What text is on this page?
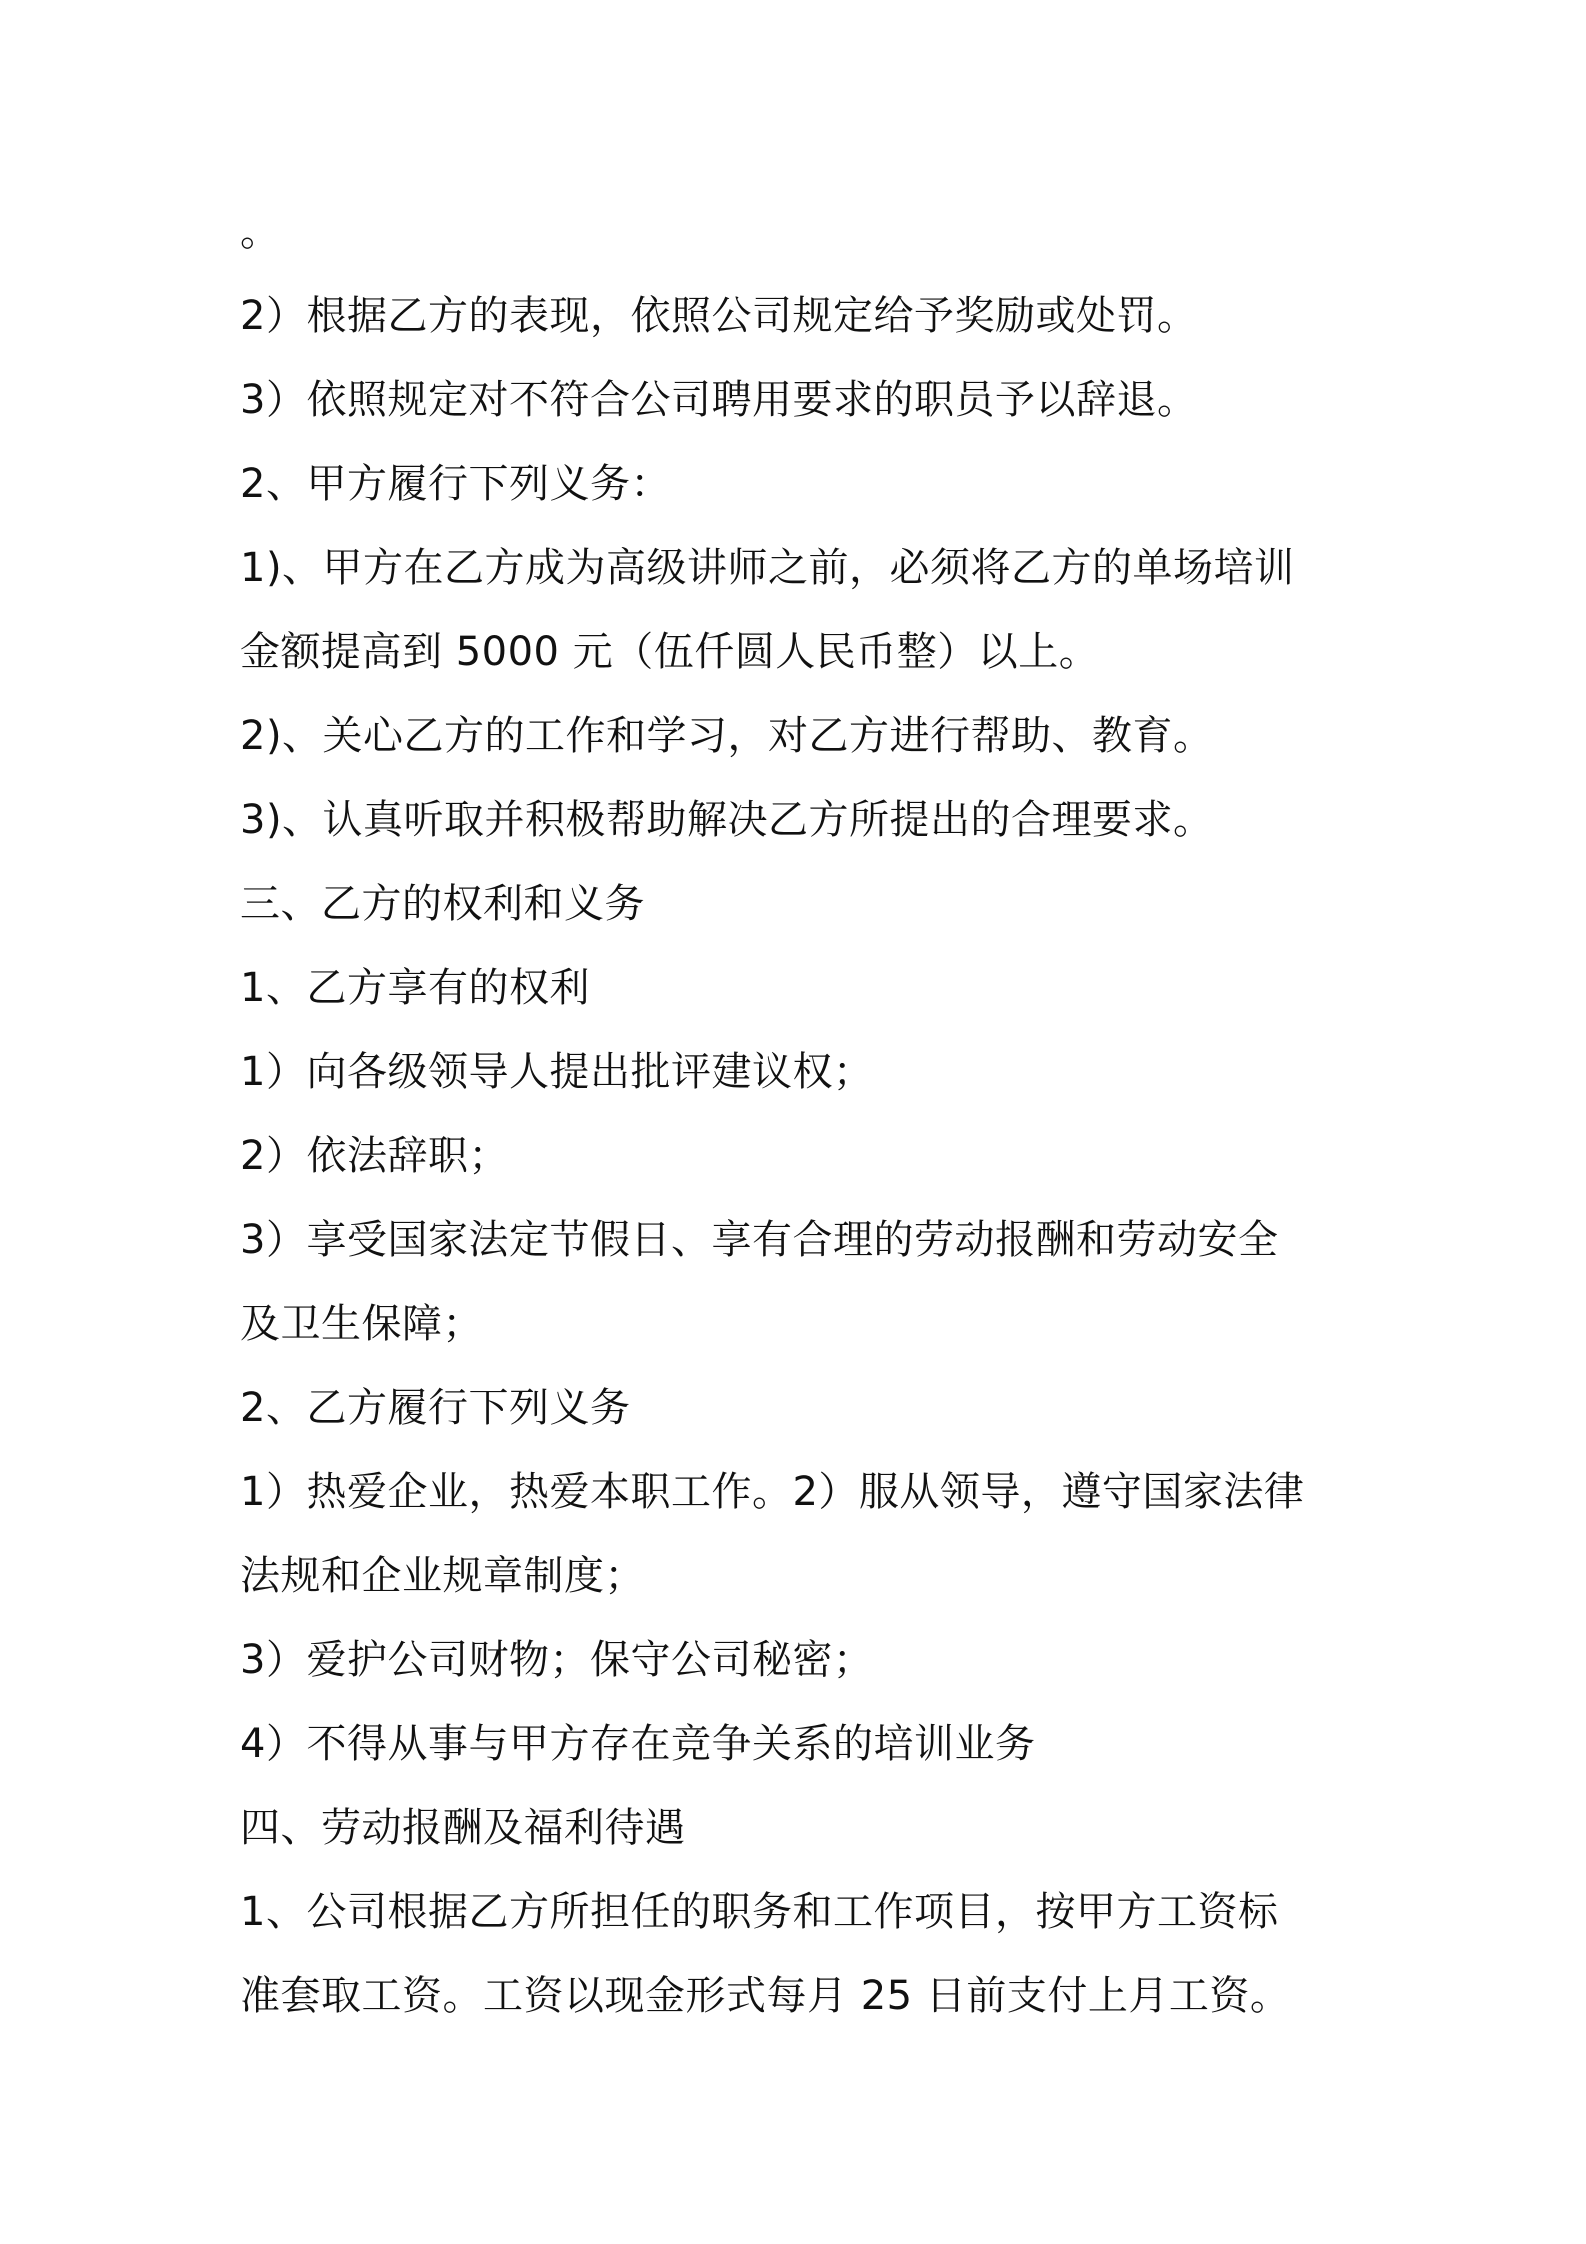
。
2）根据乙方的表现，依照公司规定给予奖励或处罚。
3）依照规定对不符合公司聘用要求的职员予以辞退。
2、甲方履行下列义务：
1)、甲方在乙方成为高级讲师之前，必须将乙方的单场培训
金额提高到 5000 元（伍仟圆人民币整）以上。
2)、关心乙方的工作和学习，对乙方进行帮助、教育。
3)、认真听取并积极帮助解决乙方所提出的合理要求。
三、乙方的权利和义务
1、乙方享有的权利
1）向各级领导人提出批评建议权；
2）依法辞职；
3）享受国家法定节假日、享有合理的劳动报酬和劳动安全
及卫生保障；
2、乙方履行下列义务
1）热爱企业，热爱本职工作。2）服从领导，遵守国家法律
法规和企业规章制度；
3）爱护公司财物；保守公司秘密；
4）不得从事与甲方存在竞争关系的培训业务
四、劳动报酬及福利待遇
1、公司根据乙方所担任的职务和工作项目，按甲方工资标
准套取工资。工资以现金形式每月 25 日前支付上月工资。
